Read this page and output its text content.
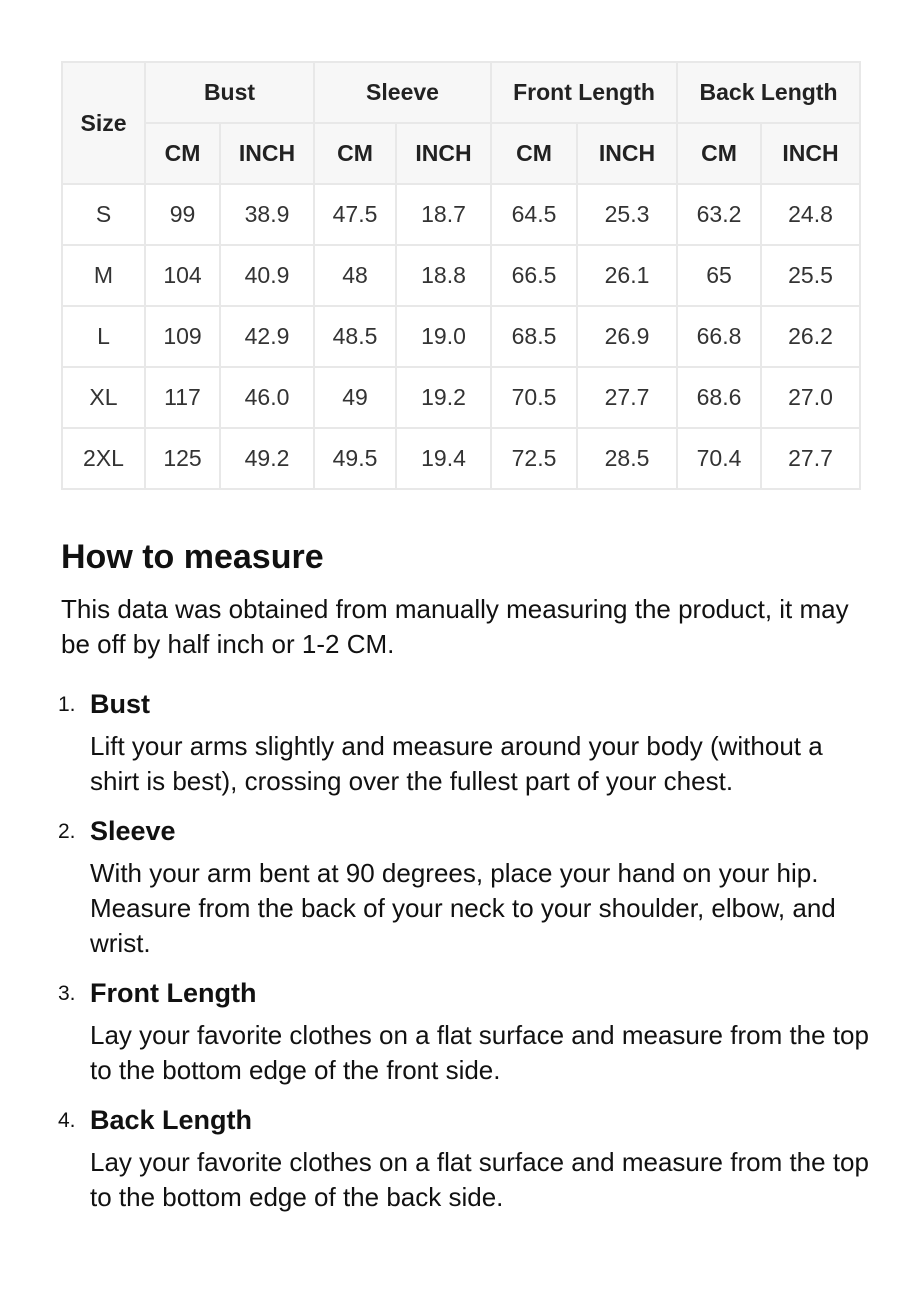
Size	Bust		Sleeve		Front Length		Back Length	
	CM	INCH	CM	INCH	CM	INCH	CM	INCH
S	99	38.9	47.5	18.7	64.5	25.3	63.2	24.8
M	104	40.9	48	18.8	66.5	26.1	65	25.5
L	109	42.9	48.5	19.0	68.5	26.9	66.8	26.2
XL	117	46.0	49	19.2	70.5	27.7	68.6	27.0
2XL	125	49.2	49.5	19.4	72.5	28.5	70.4	27.7
How to measure

This data was obtained from manually measuring the product, it may be off by half inch or 1-2 CM.

1. Bust
Lift your arms slightly and measure around your body (without a shirt is best), crossing over the fullest part of your chest.
2. Sleeve
With your arm bent at 90 degrees, place your hand on your hip. Measure from the back of your neck to your shoulder, elbow, and wrist.
3. Front Length
Lay your favorite clothes on a flat surface and measure from the top to the bottom edge of the front side.
4. Back Length
Lay your favorite clothes on a flat surface and measure from the top to the bottom edge of the back side.
